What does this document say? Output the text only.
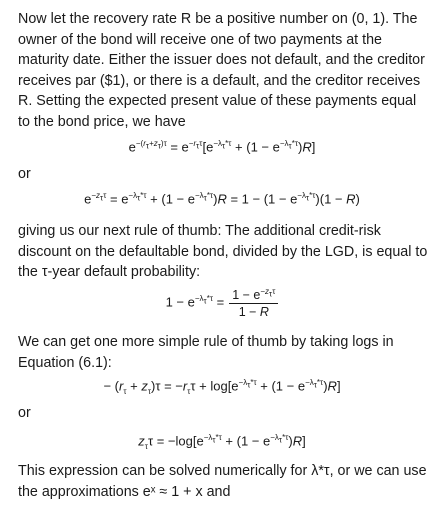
Now let the recovery rate R be a positive number on (0, 1). The owner of the bond will receive one of two payments at the maturity date. Either the issuer does not default, and the creditor receives par ($1), or there is a default, and the creditor receives R. Setting the expected present value of these payments equal to the bond price, we have

$e^{-(r_\tau+z_\tau)\tau} = e^{-r_\tau\tau}[e^{-\lambda_\tau*\tau} + (1 - e^{-\lambda_\tau*\tau})R]$

or

$e^{-z_\tau\tau} = e^{-\lambda_\tau*\tau} + (1 - e^{-\lambda_\tau*\tau})R = 1 - (1 - e^{-\lambda_\tau*\tau})(1 - R)$

giving us our next rule of thumb: The additional credit-risk discount on the defaultable bond, divided by the LGD, is equal to the τ-year default probability:

$1 - e^{-\lambda_\tau*\tau} = \frac{1 - e^{-z_\tau\tau}}{1 - R}$

We can get one more simple rule of thumb by taking logs in Equation (6.1):

− $(r_\tau + z_\tau)\tau = -r_\tau\tau + \log[e^{-\lambda_\tau*\tau} + (1 - e^{-\lambda_\tau*\tau})R]$

or

$z_\tau\tau = -\log[e^{-\lambda_\tau*\tau} + (1 - e^{-\lambda_\tau*\tau})R]$

This expression can be solved numerically for λ*τ, or we can use the approximations eˣ ≈ 1 + x and
